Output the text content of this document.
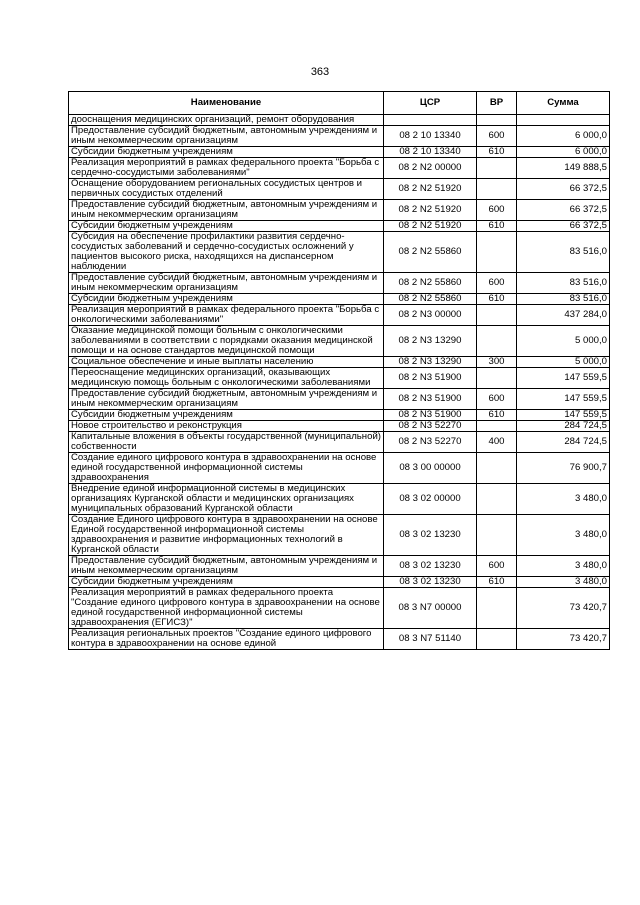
363
Наименование	ЦСР	ВР	Сумма
дооснащения медицинских организаций, ремонт оборудования			
Предоставление субсидий бюджетным, автономным учреждениям и иным некоммерческим организациям	08 2 10 13340	600	6 000,0
Субсидии бюджетным учреждениям	08 2 10 13340	610	6 000,0
Реализация мероприятий в рамках федерального проекта "Борьба с сердечно-сосудистыми заболеваниями"	08 2 N2 00000		149 888,5
Оснащение оборудованием региональных сосудистых центров и первичных сосудистых отделений	08 2 N2 51920		66 372,5
Предоставление субсидий бюджетным, автономным учреждениям и иным некоммерческим организациям	08 2 N2 51920	600	66 372,5
Субсидии бюджетным учреждениям	08 2 N2 51920	610	66 372,5
Субсидия на обеспечение профилактики развития сердечно-сосудистых заболеваний и сердечно-сосудистых осложнений у пациентов высокого риска, находящихся на диспансерном наблюдении	08 2 N2 55860		83 516,0
Предоставление субсидий бюджетным, автономным учреждениям и иным некоммерческим организациям	08 2 N2 55860	600	83 516,0
Субсидии бюджетным учреждениям	08 2 N2 55860	610	83 516,0
Реализация мероприятий в рамках федерального проекта "Борьба с онкологическими заболеваниями"	08 2 N3 00000		437 284,0
Оказание медицинской помощи больным с онкологическими заболеваниями в соответствии с порядками оказания медицинской помощи и на основе стандартов медицинской помощи	08 2 N3 13290		5 000,0
Социальное обеспечение и иные выплаты населению	08 2 N3 13290	300	5 000,0
Переоснащение медицинских организаций, оказывающих медицинскую помощь больным с онкологическими заболеваниями	08 2 N3 51900		147 559,5
Предоставление субсидий бюджетным, автономным учреждениям и иным некоммерческим организациям	08 2 N3 51900	600	147 559,5
Субсидии бюджетным учреждениям	08 2 N3 51900	610	147 559,5
Новое строительство и реконструкция	08 2 N3 52270		284 724,5
Капитальные вложения в объекты государственной (муниципальной) собственности	08 2 N3 52270	400	284 724,5
Создание единого цифрового контура в здравоохранении на основе единой государственной информационной системы здравоохранения	08 3 00 00000		76 900,7
Внедрение единой информационной системы в медицинских организациях Курганской области и медицинских организациях муниципальных образований Курганской области	08 3 02 00000		3 480,0
Создание Единого цифрового контура в здравоохранении на основе Единой государственной информационной системы здравоохранения и развитие информационных технологий в Курганской области	08 3 02 13230		3 480,0
Предоставление субсидий бюджетным, автономным учреждениям и иным некоммерческим организациям	08 3 02 13230	600	3 480,0
Субсидии бюджетным учреждениям	08 3 02 13230	610	3 480,0
Реализация мероприятий в рамках федерального проекта "Создание единого цифрового контура в здравоохранении на основе единой государственной информационной системы здравоохранения (ЕГИСЗ)"	08 3 N7 00000		73 420,7
Реализация региональных проектов "Создание единого цифрового контура в здравоохранении на основе единой	08 3 N7 51140		73 420,7
